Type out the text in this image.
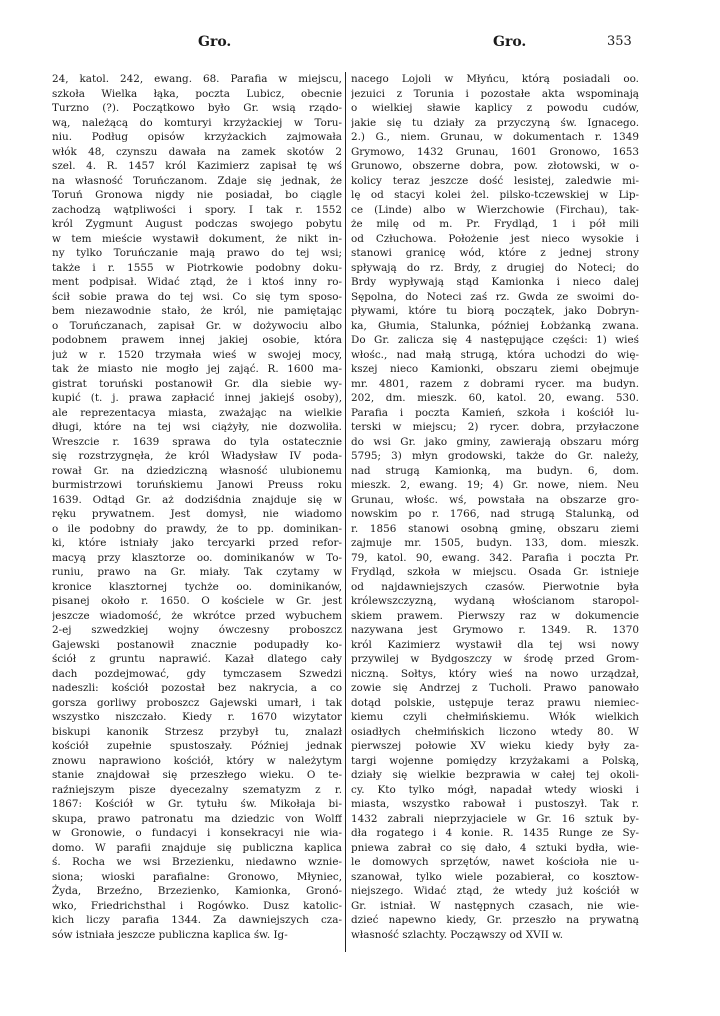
Gro.	Gro.	353
24, katol. 242, ewang. 68. Parafia w miejscu,
szkoła Wielka łąka, poczta Lubicz, obecnie
Turzno (?). Początkowo było Gr. wsią rządo-
wą, należącą do komturyi krzyżackiej w Toru-
niu. Podług opisów krzyżackich zajmowała
włók 48, czynszu dawała na zamek skotów 2
szel. 4. R. 1457 król Kazimierz zapisał tę wś
na własność Toruńczanom. Zdaje się jednak, że
Toruń Gronowa nigdy nie posiadał, bo ciągle
zachodzą wątpliwości i spory. I tak r. 1552
król Zygmunt August podczas swojego pobytu
w tem mieście wystawił dokument, że nikt in-
ny tylko Toruńczanie mają prawo do tej wsi;
także i r. 1555 w Piotrkowie podobny doku-
ment podpisał. Widać ztąd, że i ktoś inny ro-
ścił sobie prawa do tej wsi. Co się tym sposo-
bem niezawodnie stało, że król, nie pamiętając
o Toruńczanach, zapisał Gr. w dożywociu albo
podobnem prawem innej jakiej osobie, która
już w r. 1520 trzymała wieś w swojej mocy,
tak że miasto nie mogło jej zająć. R. 1600 ma-
gistrat toruński postanowił Gr. dla siebie wy-
kupić (t. j. prawa zapłacić innej jakiejś osoby),
ale reprezentacya miasta, zważając na wielkie
długi, które na tej wsi ciążyły, nie dozwoliła.
Wreszcie r. 1639 sprawa do tyla ostatecznie
się rozstrzygnęła, że król Władysław IV poda-
rował Gr. na dziedziczną własność ulubionemu
burmistrzowi toruńskiemu Janowi Preuss roku
1639. Odtąd Gr. aż dodziśdnia znajduje się w
ręku prywatnem. Jest domysł, nie wiadomo
o ile podobny do prawdy, że to pp. dominikan-
ki, które istniały jako tercyarki przed refor-
macyą przy klasztorze oo. dominikanów w To-
runiu, prawo na Gr. miały. Tak czytamy w
kronice klasztornej tychże oo. dominikanów,
pisanej około r. 1650. O kościele w Gr. jest
jeszcze wiadomość, że wkrótce przed wybuchem
2-ej szwedzkiej wojny ówczesny proboszcz
Gajewski postanowił znacznie podupadły ko-
ściół z gruntu naprawić. Kazał dlatego cały
dach pozdejmować, gdy tymczasem Szwedzi
nadeszli: kościół pozostał bez nakrycia, a co
gorsza gorliwy proboszcz Gajewski umarł, i tak
wszystko niszczało. Kiedy r. 1670 wizytator
biskupi kanonik Strzesz przybył tu, znalazł
kościół zupełnie spustoszały. Później jednak
znowu naprawiono kościół, który w należytym
stanie znajdował się przeszłego wieku. O te-
raźniejszym pisze dyecezalny szematyzm z r.
1867: Kościół w Gr. tytułu św. Mikołaja bi-
skupa, prawo patronatu ma dziedzic von Wolff
w Gronowie, o fundacyi i konsekracyi nie wia-
domo. W parafii znajduje się publiczna kaplica
ś. Rocha we wsi Brzezienku, niedawno wznie-
siona; wioski parafialne: Gronowo, Młyniec,
Żyda, Brzeźno, Brzezienko, Kamionka, Gronó-
wko, Friedrichsthal i Rogówko. Dusz katolic-
kich liczy parafia 1344. Za dawniejszych cza-
sów istniała jeszcze publiczna kaplica św. Ig-
nacego Lojoli w Młyńcu, którą posiadali oo.
jezuici z Torunia i pozostałe akta wspominają
o wielkiej sławie kaplicy z powodu cudów,
jakie się tu działy za przyczyną św. Ignacego.
2.) G., niem. Grunau, w dokumentach r. 1349
Grymowo, 1432 Grunau, 1601 Gronowo, 1653
Grunowo, obszerne dobra, pow. złotowski, w o-
kolicy teraz jeszcze dość lesistej, zaledwie mi-
lę od stacyi kolei żel. pilsko-tczewskiej w Lip-
ce (Linde) albo w Wierzchowie (Firchau), tak-
że milę od m. Pr. Frydląd, 1 i pół mili
od Człuchowa. Położenie jest nieco wysokie i
stanowi granicę wód, które z jednej strony
spływają do rz. Brdy, z drugiej do Noteci; do
Brdy wypływają stąd Kamionka i nieco dalej
Sępolna, do Noteci zaś rz. Gwda ze swoimi do-
pływami, które tu biorą początek, jako Dobryn-
ka, Głumia, Stalunka, później Łobżanką zwana.
Do Gr. zalicza się 4 następujące części: 1) wieś
włośc., nad małą strugą, która uchodzi do wię-
kszej nieco Kamionki, obszaru ziemi obejmuje
mr. 4801, razem z dobrami rycer. ma budyn.
202, dm. mieszk. 60, katol. 20, ewang. 530.
Parafia i poczta Kamień, szkoła i kościół lu-
terski w miejscu; 2) rycer. dobra, przyłaczone
do wsi Gr. jako gminy, zawierają obszaru mórg
5795; 3) młyn grodowski, także do Gr. należy,
nad strugą Kamionką, ma budyn. 6, dom.
mieszk. 2, ewang. 19; 4) Gr. nowe, niem. Neu
Grunau, włośc. wś, powstała na obszarze gro-
nowskim po r. 1766, nad strugą Stalunką, od
r. 1856 stanowi osobną gminę, obszaru ziemi
zajmuje mr. 1505, budyn. 133, dom. mieszk.
79, katol. 90, ewang. 342. Parafia i poczta Pr.
Frydląd, szkoła w miejscu. Osada Gr. istnieje
od najdawniejszych czasów. Pierwotnie była
królewszczyzną, wydaną włościanom staropol-
skiem prawem. Pierwszy raz w dokumencie
nazywana jest Grymowo r. 1349. R. 1370
król Kazimierz wystawił dla tej wsi nowy
przywilej w Bydgoszczy w środę przed Grom-
niczną. Sołtys, który wieś na nowo urządzał,
zowie się Andrzej z Tucholi. Prawo panowało
dotąd polskie, ustępuje teraz prawu niemiec-
kiemu czyli chełmińskiemu. Włók wielkich
osiadłych chełmińskich liczono wtedy 80. W
pierwszej połowie XV wieku kiedy były za-
targi wojenne pomiędzy krzyżakami a Polską,
działy się wielkie bezprawia w całej tej okoli-
cy. Kto tylko mógł, napadał wtedy wioski i
miasta, wszystko rabował i pustoszył. Tak r.
1432 zabrali nieprzyjaciele w Gr. 16 sztuk by-
dła rogatego i 4 konie. R. 1435 Runge ze Sy-
pniewa zabrał co się dało, 4 sztuki bydła, wie-
le domowych sprzętów, nawet kościoła nie u-
szanował, tylko wiele pozabierał, co kosztow-
niejszego. Widać ztąd, że wtedy już kościół w
Gr. istniał. W następnych czasach, nie wie-
dzieć napewno kiedy, Gr. przeszło na prywatną
własność szlachty. Począwszy od XVII w.
